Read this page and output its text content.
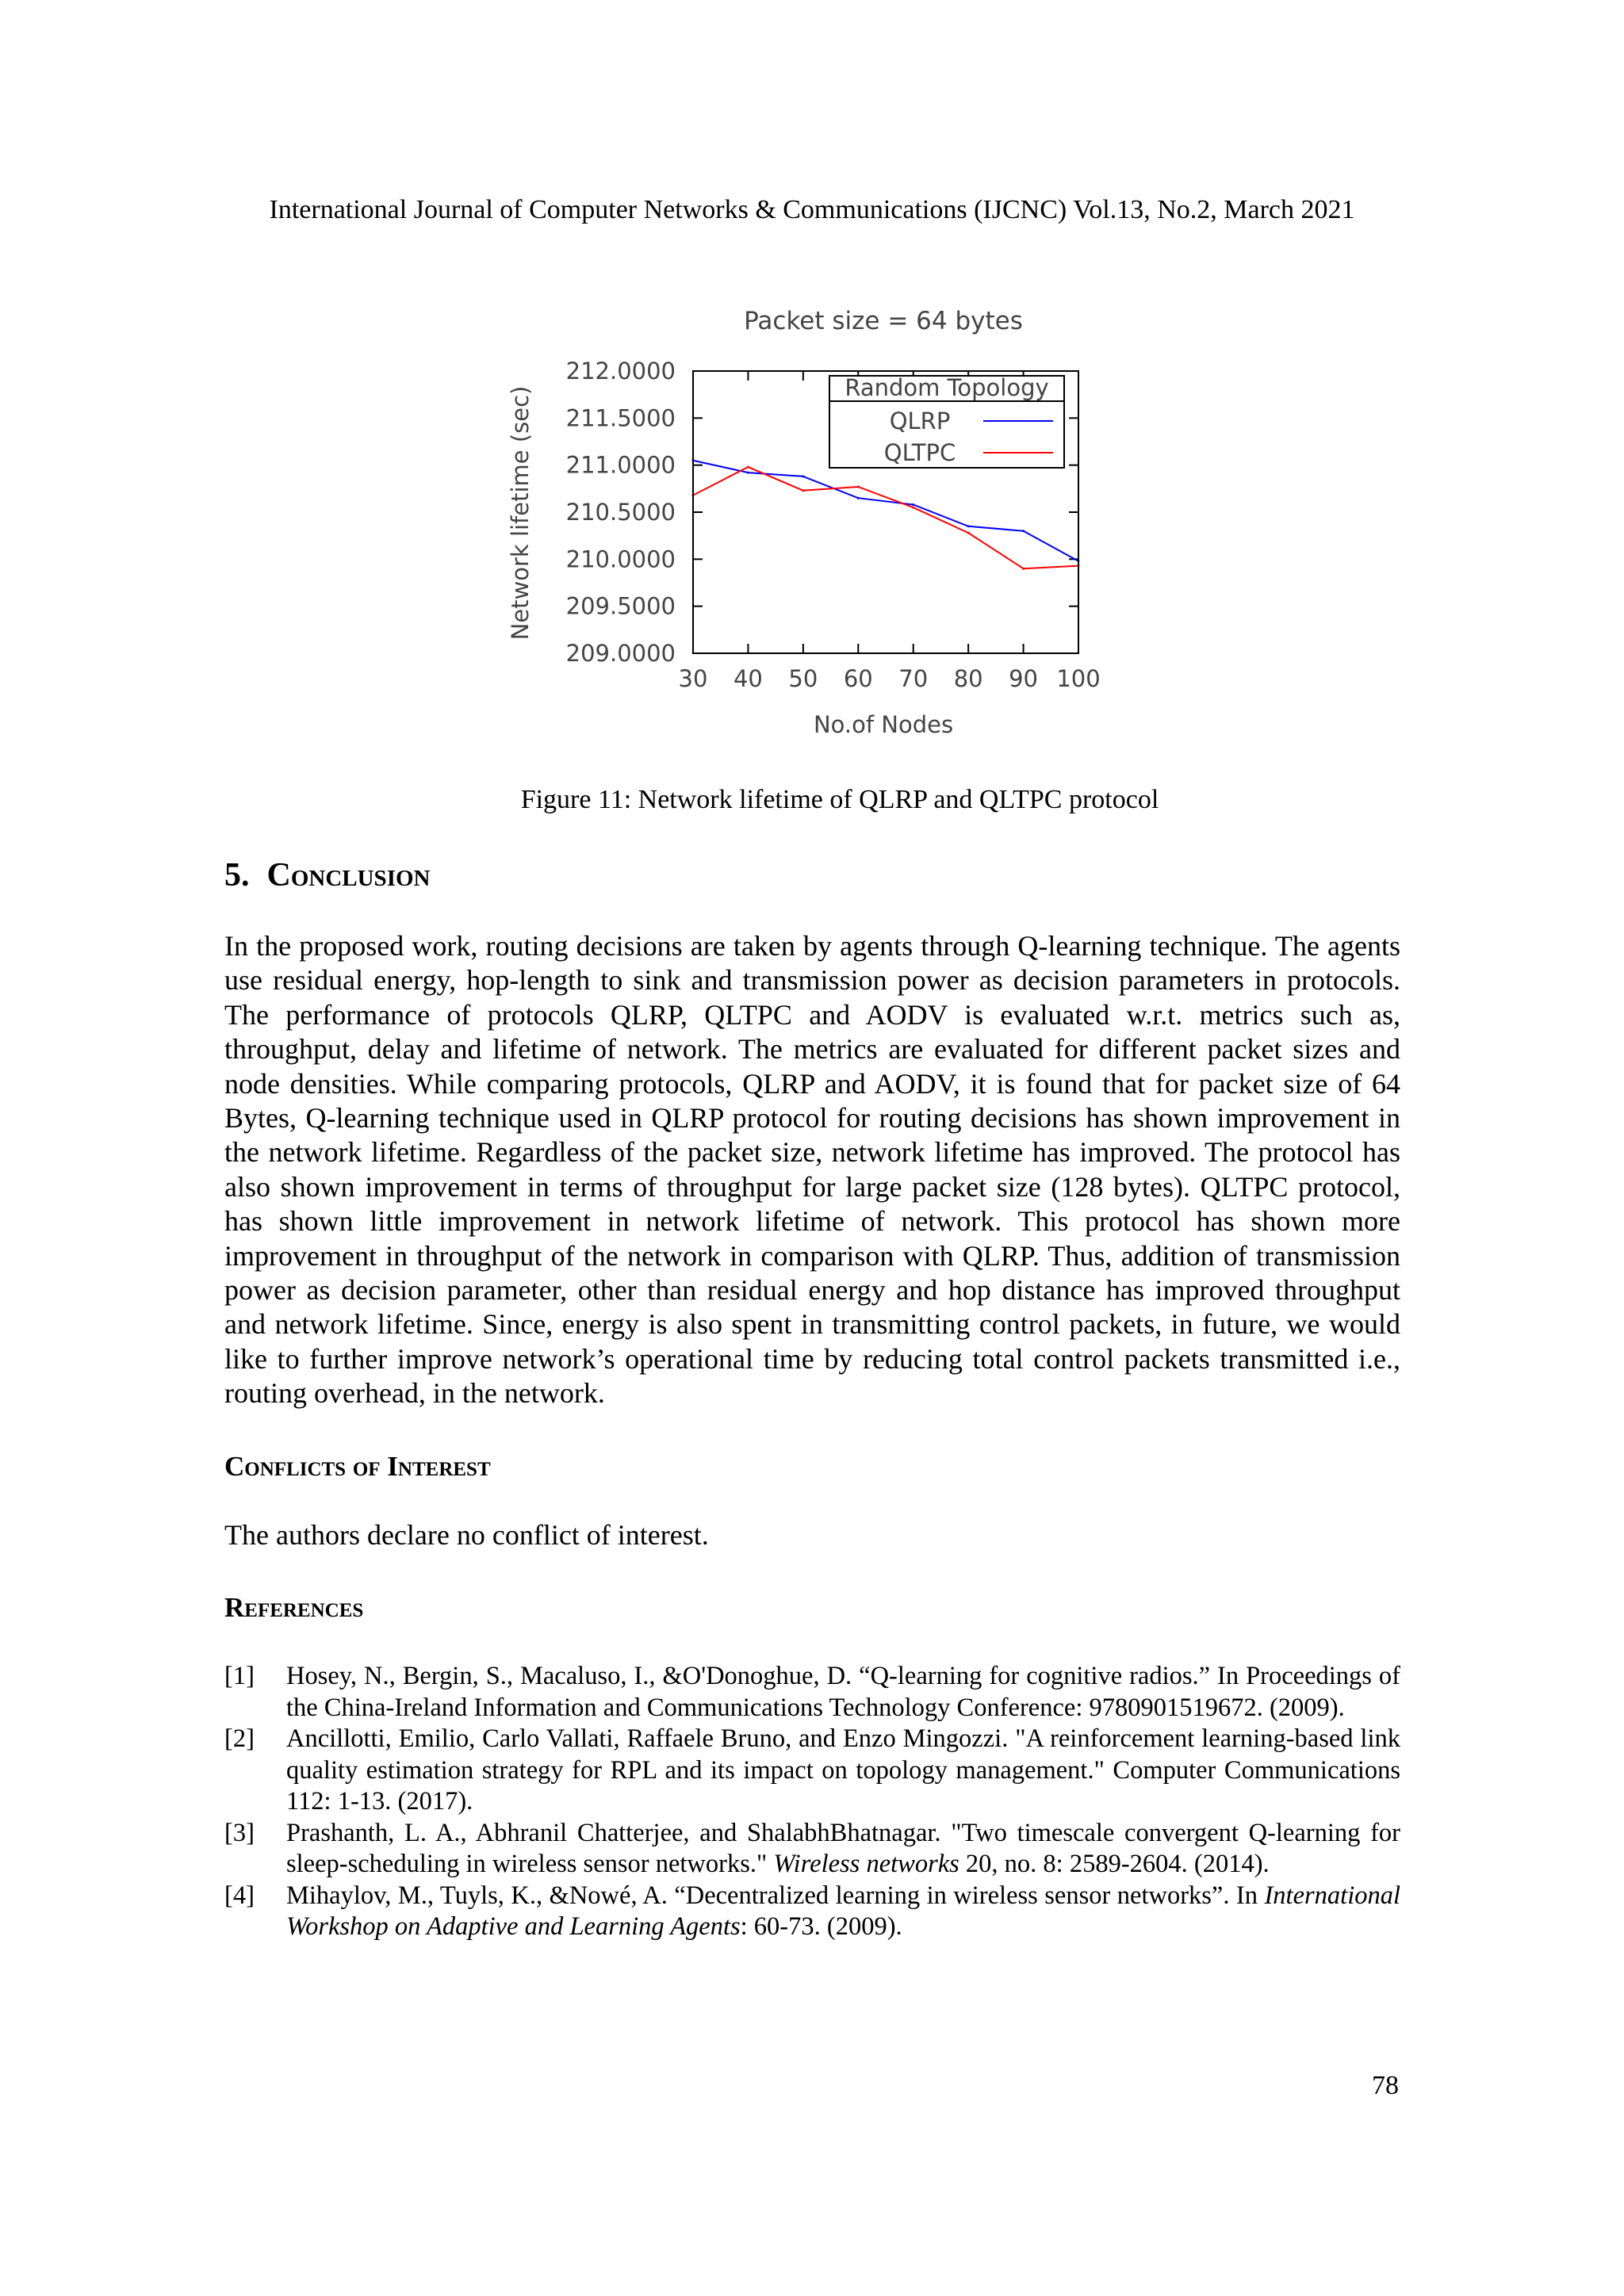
International Journal of Computer Networks & Communications (IJCNC) Vol.13, No.2, March 2021
Packet size = 64 bytes
Network lifetime (sec)
No.of Nodes
209.0000
209.5000
210.0000
210.5000
211.0000
211.5000
212.0000
30 40 50 60 70 80 90 100
Random Topology
QLRP
QLTPC
Figure 11: Network lifetime of QLRP and QLTPC protocol
5. Conclusion
In the proposed work, routing decisions are taken by agents through Q-learning technique. The agents use residual energy, hop-length to sink and transmission power as decision parameters in protocols. The performance of protocols QLRP, QLTPC and AODV is evaluated w.r.t. metrics such as, throughput, delay and lifetime of network. The metrics are evaluated for different packet sizes and node densities. While comparing protocols, QLRP and AODV, it is found that for packet size of 64 Bytes, Q-learning technique used in QLRP protocol for routing decisions has shown improvement in the network lifetime. Regardless of the packet size, network lifetime has improved. The protocol has also shown improvement in terms of throughput for large packet size (128 bytes). QLTPC protocol, has shown little improvement in network lifetime of network. This protocol has shown more improvement in throughput of the network in comparison with QLRP. Thus, addition of transmission power as decision parameter, other than residual energy and hop distance has improved throughput and network lifetime. Since, energy is also spent in transmitting control packets, in future, we would like to further improve network’s operational time by reducing total control packets transmitted i.e., routing overhead, in the network.
Conflicts of Interest
The authors declare no conflict of interest.
References
[1]	Hosey, N., Bergin, S., Macaluso, I., &O'Donoghue, D. “Q-learning for cognitive radios.” In Proceedings of the China-Ireland Information and Communications Technology Conference: 9780901519672. (2009).
[2]	Ancillotti, Emilio, Carlo Vallati, Raffaele Bruno, and Enzo Mingozzi. "A reinforcement learning-based link quality estimation strategy for RPL and its impact on topology management." Computer Communications 112: 1-13. (2017).
[3]	Prashanth, L. A., Abhranil Chatterjee, and ShalabhBhatnagar. "Two timescale convergent Q-learning for sleep-scheduling in wireless sensor networks." Wireless networks 20, no. 8: 2589-2604. (2014).
[4]	Mihaylov, M., Tuyls, K., &Nowé, A. “Decentralized learning in wireless sensor networks”. In International Workshop on Adaptive and Learning Agents: 60-73. (2009).
78
